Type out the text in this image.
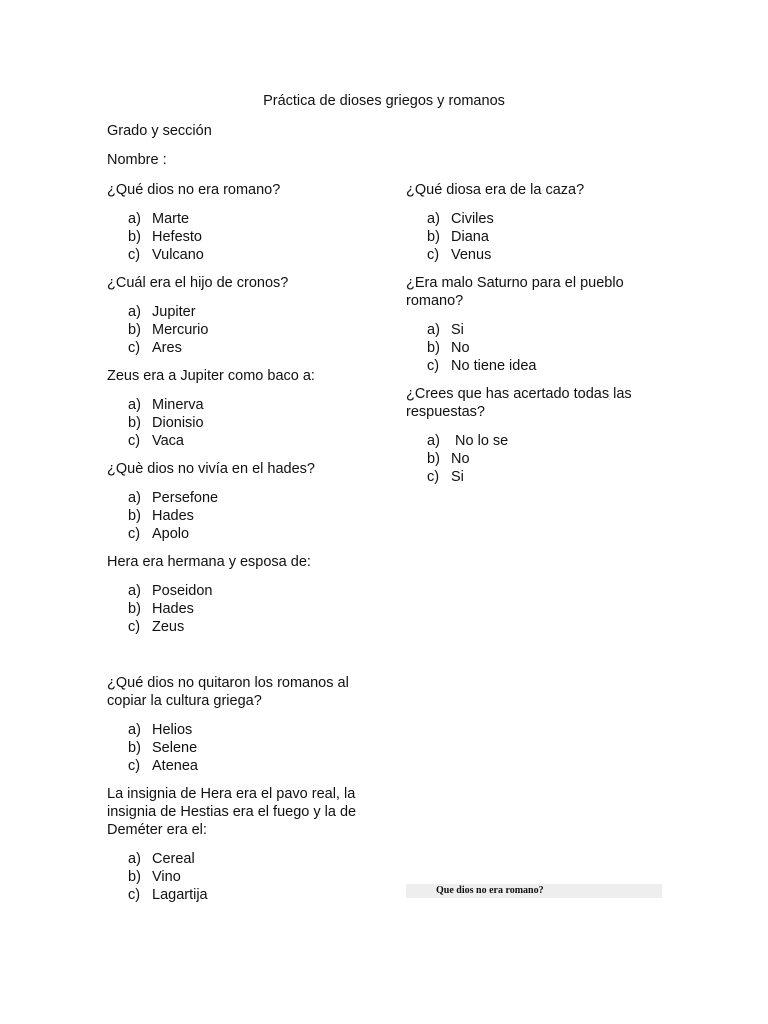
Práctica de dioses griegos y romanos
Grado y sección
Nombre :
¿Qué dios no era romano?
a) Marte
b) Hefesto
c) Vulcano
¿Cuál era el hijo de cronos?
a) Jupiter
b) Mercurio
c) Ares
Zeus era a Jupiter como baco a:
a) Minerva
b) Dionisio
c) Vaca
¿Què dios no vivía en el hades?
a) Persefone
b) Hades
c) Apolo
Hera era hermana y esposa de:
a) Poseidon
b) Hades
c) Zeus
¿Qué dios no quitaron los romanos al copiar la cultura griega?
a) Helios
b) Selene
c) Atenea
La insignia de Hera era el pavo real, la insignia de Hestias era el fuego y la de Deméter era el:
a) Cereal
b) Vino
c) Lagartija
¿Qué diosa era de la caza?
a) Civiles
b) Diana
c) Venus
¿Era malo Saturno para el pueblo romano?
a) Si
b) No
c) No tiene idea
¿Crees que has acertado todas las respuestas?
a) No lo se
b) No
c) Si
Que dios no era romano?
